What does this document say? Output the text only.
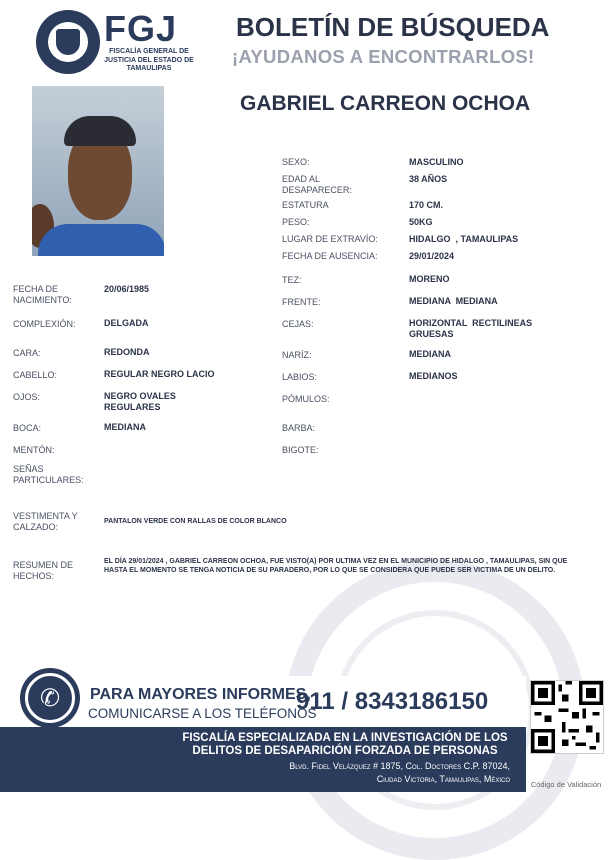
FGJ
FISCALÍA GENERAL DE JUSTICIA DEL ESTADO DE TAMAULIPAS
BOLETÍN DE BÚSQUEDA
¡AYUDANOS A ENCONTRARLOS!
GABRIEL CARREON OCHOA
SEXO:	MASCULINO
EDAD AL DESAPARECER:
38 AÑOS
ESTATURA	170 CM.
PESO:	50KG
LUGAR DE EXTRAVÍO:	HIDALGO  , TAMAULIPAS
FECHA DE AUSENCIA:	29/01/2024
TEZ:	MORENO
FRENTE:	MEDIANA  MEDIANA
CEJAS:	HORIZONTAL  RECTILINEAS GRUESAS
NARÍZ:	MEDIANA
LABIOS:	MEDIANOS
PÓMULOS:
BARBA:
BIGOTE:
FECHA DE NACIMIENTO:
20/06/1985
COMPLEXIÓN:	DELGADA
CARA:	REDONDA
CABELLO:	REGULAR NEGRO LACIO
OJOS:	NEGRO OVALES REGULARES
BOCA:	MEDIANA
MENTÓN:
SEÑAS PARTICULARES:
VESTIMENTA Y CALZADO:	PANTALON VERDE CON RALLAS DE COLOR BLANCO
RESUMEN DE HECHOS:
EL DÍA 29/01/2024 , GABRIEL CARREON OCHOA, FUE VISTO(A) POR ULTIMA VEZ EN EL MUNICIPIO DE HIDALGO , TAMAULIPAS, SIN QUE HASTA EL MOMENTO SE TENGA NOTICIA DE SU PARADERO, POR LO QUE SE CONSIDERA QUE PUEDE SER VICTIMA DE UN DELITO.
✆	PARA MAYORES INFORMES,
COMUNICARSE A LOS TELÉFONOS
911 / 8343186150
FISCALÍA ESPECIALIZADA EN LA INVESTIGACIÓN DE LOS DELITOS DE DESAPARICIÓN FORZADA DE PERSONAS
Blvd. Fidel Velázquez # 1875, Col. Doctores C.P. 87024,
Ciudad Victoria, Tamaulipas, México
Código de Validación
